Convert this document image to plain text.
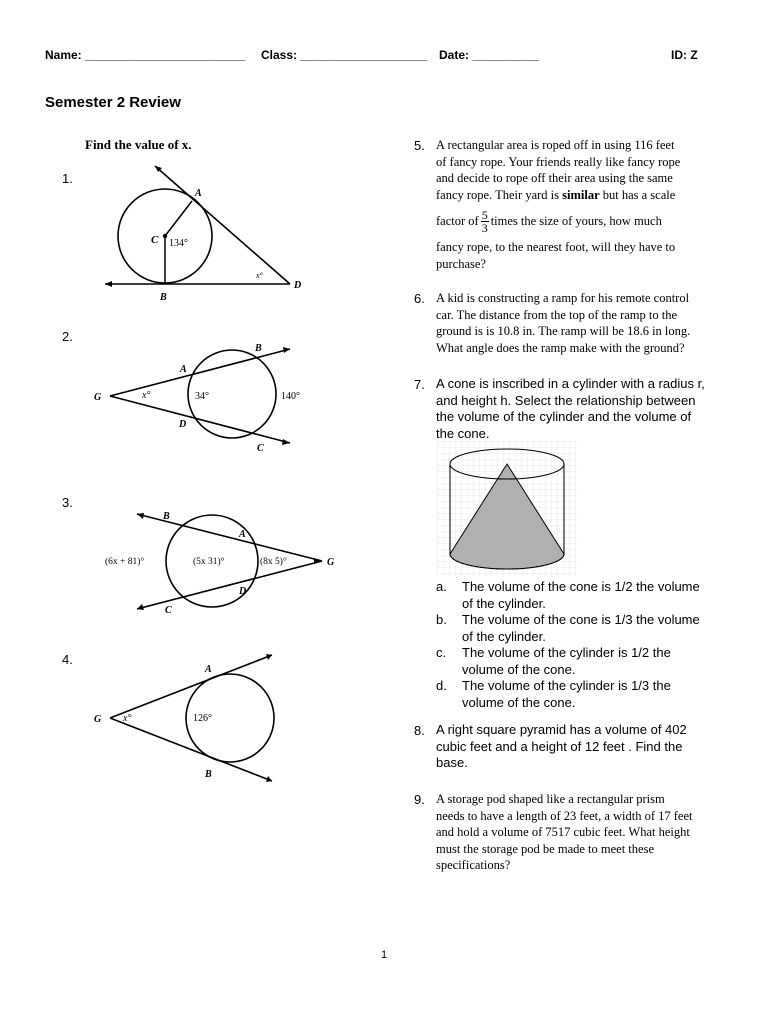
Name: ________________________ Class: ___________________ Date: __________	ID: Z
Semester 2 Review
Find the value of x.
1.
C 134°
A
x°
D
B
2.
G	x°	34°	140°
A
B
D
C
3.
B
A
D
C
G
(6x + 81)°	(5x 31)°	(8x 5)°
4.
G x°	126°
A
B
5. A rectangular area is roped off in using 116 feet
of fancy rope. Your friends really like fancy rope
and decide to rope off their area using the same
fancy rope. Their yard is similar but has a scale
factor of $\frac{5}{3}$ times the size of yours, how much
fancy rope, to the nearest foot, will they have to
purchase?
6. A kid is constructing a ramp for his remote control
car. The distance from the top of the ramp to the
ground is is 10.8 in. The ramp will be 18.6 in long.
What angle does the ramp make with the ground?
7. A cone is inscribed in a cylinder with a radius r,
and height h. Select the relationship between
the volume of the cylinder and the volume of
the cone.
a. The volume of the cone is 1/2 the volume
of the cylinder.
b. The volume of the cone is 1/3 the volume
of the cylinder.
c. The volume of the cylinder is 1/2 the
volume of the cone.
d. The volume of the cylinder is 1/3 the
volume of the cone.
8. A right square pyramid has a volume of 402
cubic feet and a height of 12 feet . Find the
base.
9. A storage pod shaped like a rectangular prism
needs to have a length of 23 feet, a width of 17 feet
and hold a volume of 7517 cubic feet. What height
must the storage pod be made to meet these
specifications?
1
